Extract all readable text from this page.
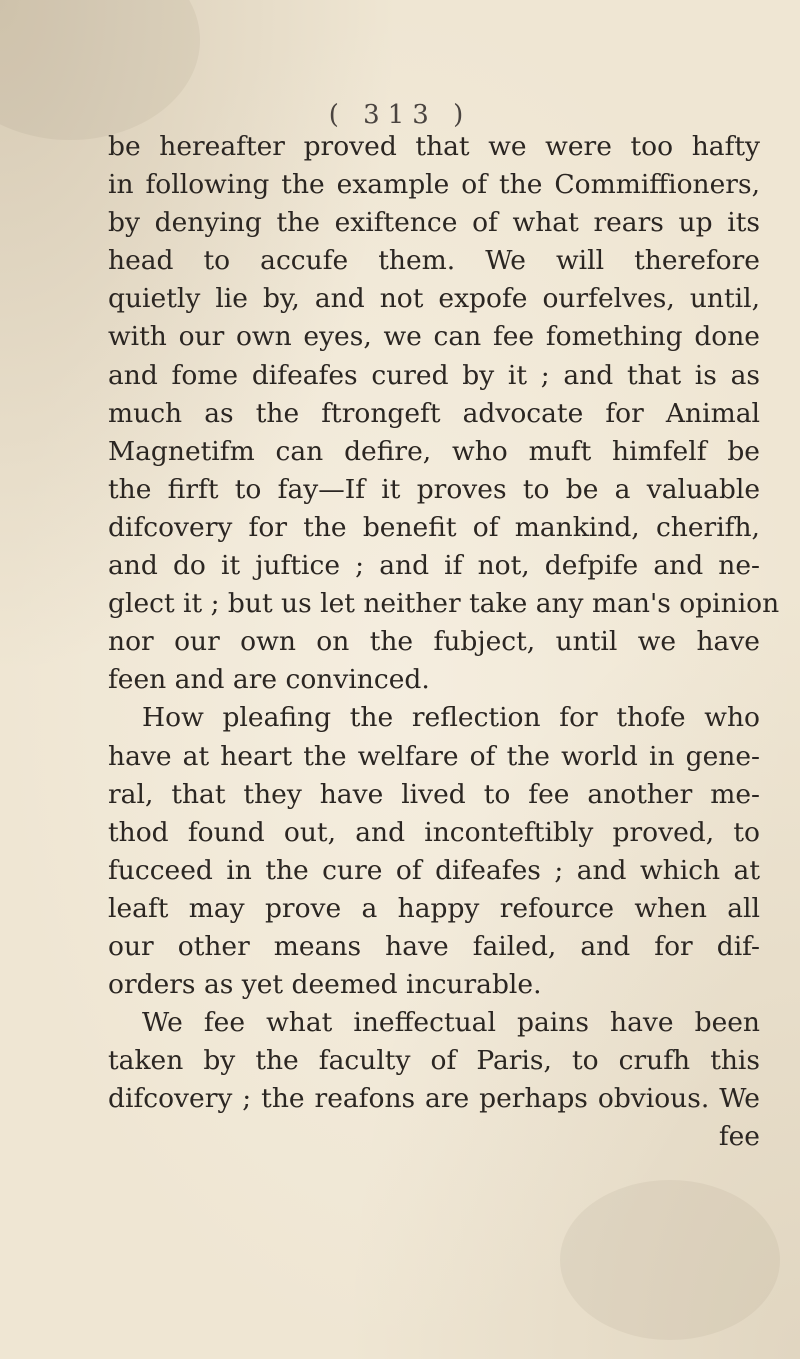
( 313 )
be hereafter proved that we were too hafty
in following the example of the Commiffioners,
by denying the exiftence of what rears up its
head to accufe them. We will therefore
quietly lie by, and not expofe ourfelves, until,
with our own eyes, we can fee fomething done
and fome difeafes cured by it ; and that is as
much as the ftrongeft advocate for Animal
Magnetifm can defire, who muft himfelf be
the firft to fay—If it proves to be a valuable
difcovery for the benefit of mankind, cherifh,
and do it juftice ; and if not, defpife and ne-
glect it ; but us let neither take any man's opinion
nor our own on the fubject, until we have
feen and are convinced.
How pleafing the reflection for thofe who
have at heart the welfare of the world in gene-
ral, that they have lived to fee another me-
thod found out, and inconteftibly proved, to
fucceed in the cure of difeafes ; and which at
leaft may prove a happy refource when all
our other means have failed, and for dif-
orders as yet deemed incurable.
We fee what ineffectual pains have been
taken by the faculty of Paris, to crufh this
difcovery ; the reafons are perhaps obvious. We
fee
